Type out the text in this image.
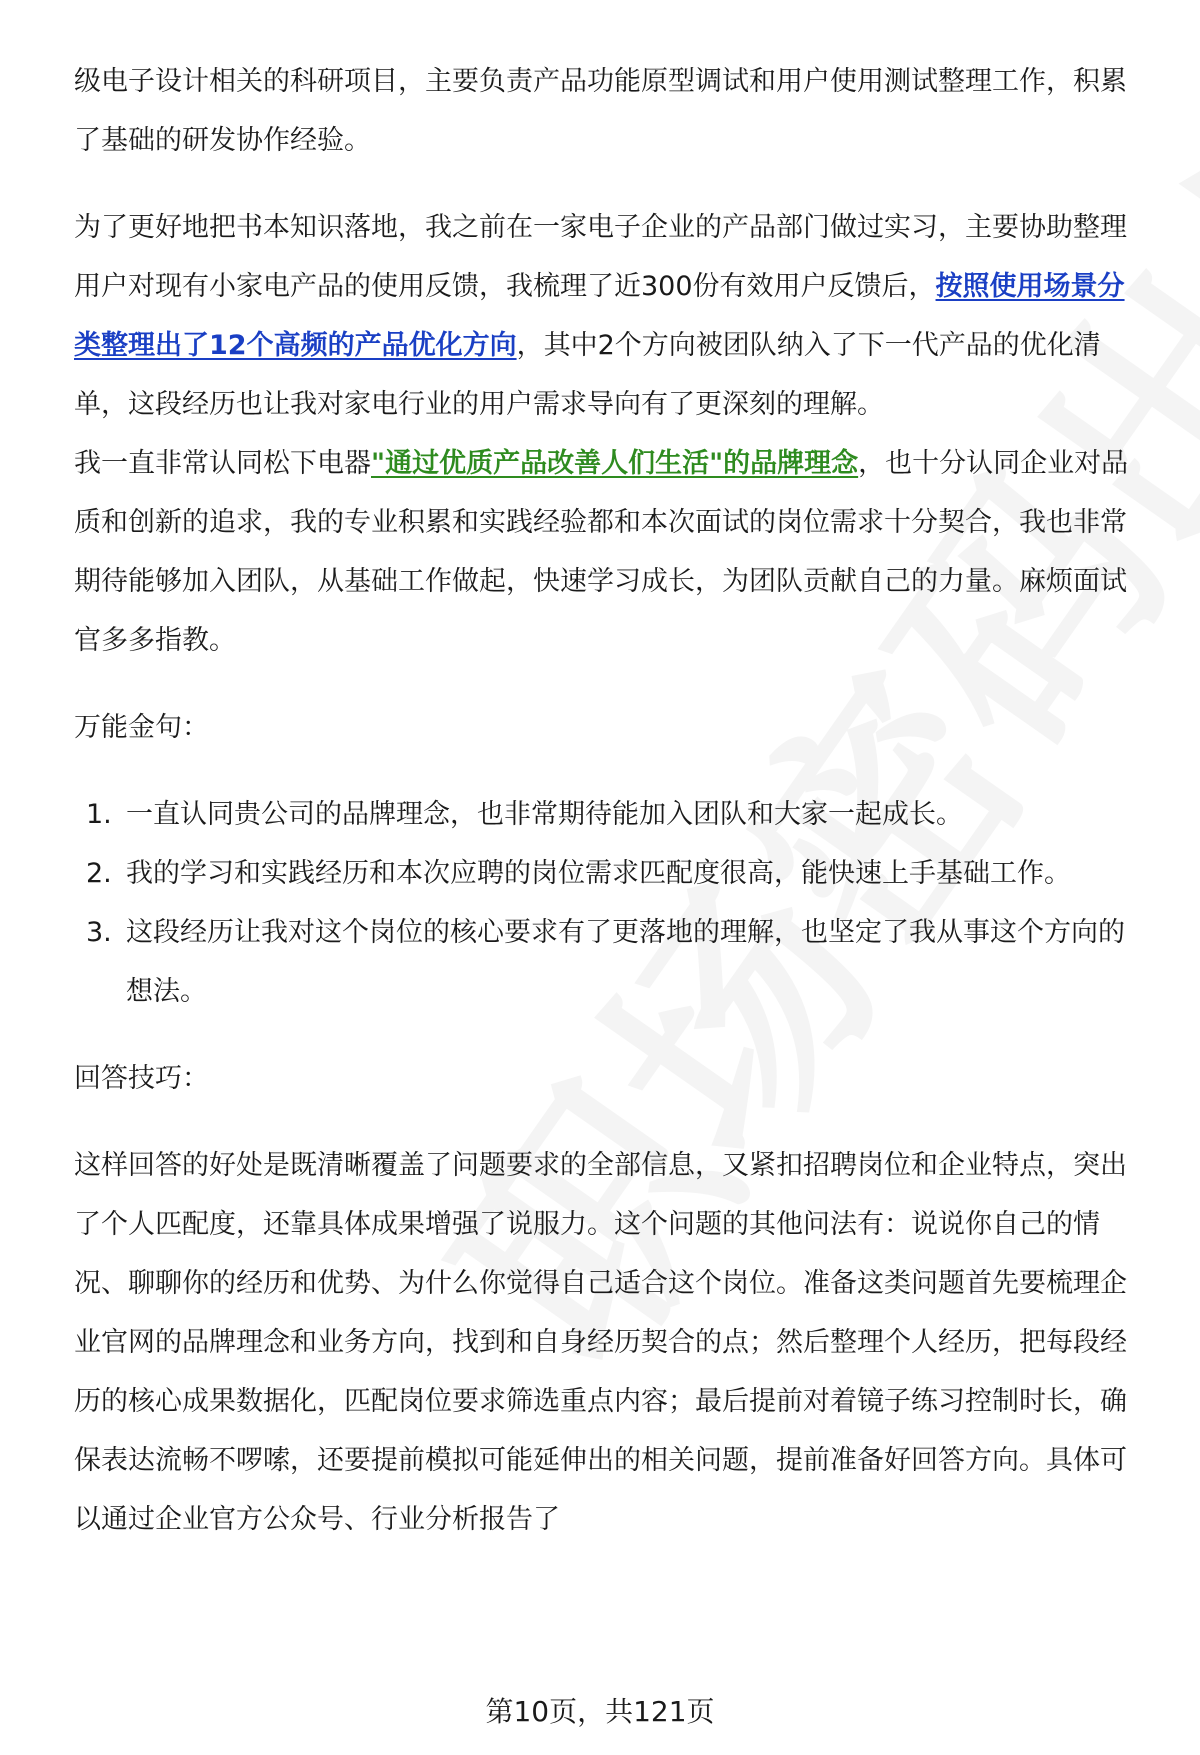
级电子设计相关的科研项目，主要负责产品功能原型调试和用户使用测试整理工作，积累了基础的研发协作经验。

为了更好地把书本知识落地，我之前在一家电子企业的产品部门做过实习，主要协助整理用户对现有小家电产品的使用反馈，我梳理了近300份有效用户反馈后，按照使用场景分类整理出了12个高频的产品优化方向，其中2个方向被团队纳入了下一代产品的优化清单，这段经历也让我对家电行业的用户需求导向有了更深刻的理解。

我一直非常认同松下电器"通过优质产品改善人们生活"的品牌理念，也十分认同企业对品质和创新的追求，我的专业积累和实践经验都和本次面试的岗位需求十分契合，我也非常期待能够加入团队，从基础工作做起，快速学习成长，为团队贡献自己的力量。麻烦面试官多多指教。

万能金句：

1. 一直认同贵公司的品牌理念，也非常期待能加入团队和大家一起成长。
2. 我的学习和实践经历和本次应聘的岗位需求匹配度很高，能快速上手基础工作。
3. 这段经历让我对这个岗位的核心要求有了更落地的理解，也坚定了我从事这个方向的想法。

回答技巧：

这样回答的好处是既清晰覆盖了问题要求的全部信息，又紧扣招聘岗位和企业特点，突出了个人匹配度，还靠具体成果增强了说服力。这个问题的其他问法有：说说你自己的情况、聊聊你的经历和优势、为什么你觉得自己适合这个岗位。准备这类问题首先要梳理企业官网的品牌理念和业务方向，找到和自身经历契合的点；然后整理个人经历，把每段经历的核心成果数据化，匹配岗位要求筛选重点内容；最后提前对着镜子练习控制时长，确保表达流畅不啰嗦，还要提前模拟可能延伸出的相关问题，提前准备好回答方向。具体可以通过企业官方公众号、行业分析报告了

第10页，共121页
